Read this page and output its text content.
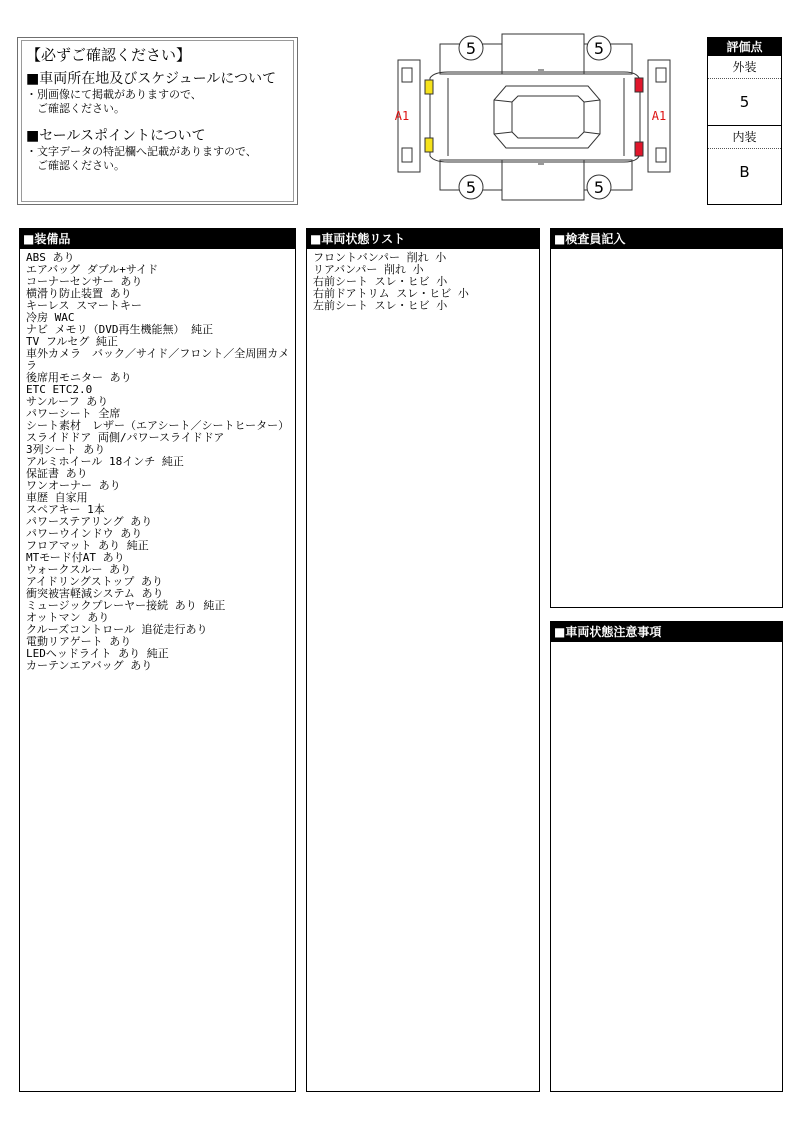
【必ずご確認ください】
■車両所在地及びスケジュールについて
・別画像にて掲載がありますので、
　ご確認ください。
■セールスポイントについて
・文字データの特記欄へ記載がありますので、
　ご確認ください。
5	5
5	5
A1	A1
評価点
外装
5
内装
B
■装備品
ABS あり
エアバッグ ダブル+サイド
コーナーセンサー あり
横滑り防止装置 あり
キーレス スマートキー
冷房 WAC
ナビ メモリ（DVD再生機能無） 純正
TV フルセグ 純正
車外カメラ　バック／サイド／フロント／全周囲カメラ
後席用モニター あり
ETC ETC2.0
サンルーフ あり
パワーシート 全席
シート素材　レザー（エアシート／シートヒーター）
スライドドア 両側/パワースライドドア
3列シート あり
アルミホイール 18インチ 純正
保証書 あり
ワンオーナー あり
車歴 自家用
スペアキー 1本
パワーステアリング あり
パワーウインドウ あり
フロアマット あり 純正
MTモード付AT あり
ウォークスルー あり
アイドリングストップ あり
衝突被害軽減システム あり
ミュージックプレーヤー接続 あり 純正
オットマン あり
クルーズコントロール 追従走行あり
電動リアゲート あり
LEDヘッドライト あり 純正
カーテンエアバッグ あり
■車両状態リスト
フロントバンパー 削れ 小
リアバンパー 削れ 小
右前シート スレ・ヒビ 小
右前ドアトリム スレ・ヒビ 小
左前シート スレ・ヒビ 小
■検査員記入
■車両状態注意事項
